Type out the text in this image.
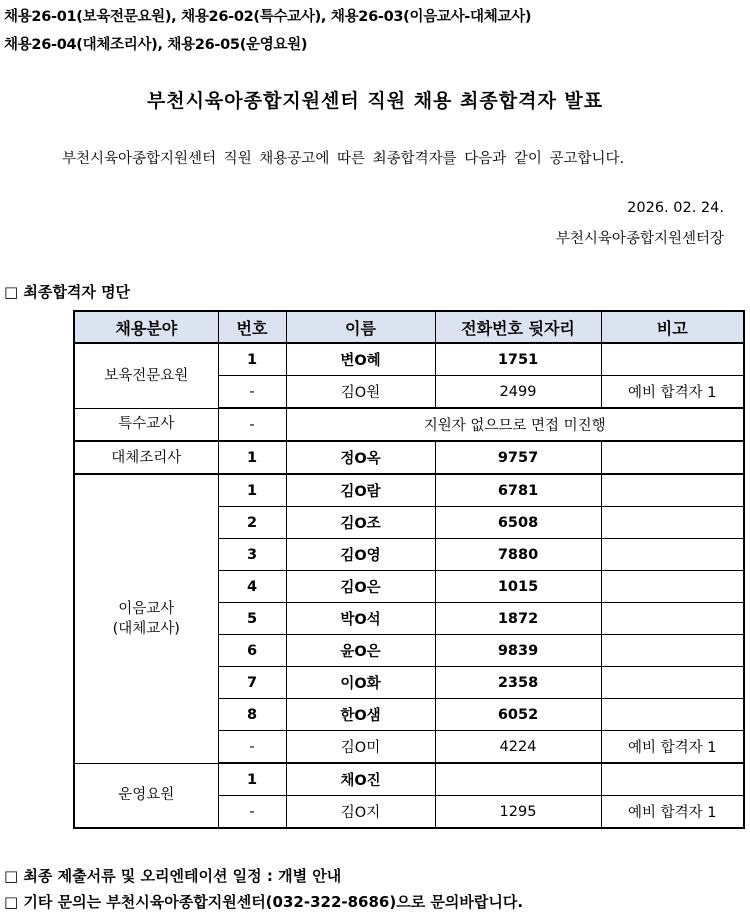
채용26-01(보육전문요원), 채용26-02(특수교사), 채용26-03(이음교사-대체교사)
채용26-04(대체조리사), 채용26-05(운영요원)
부천시육아종합지원센터 직원 채용 최종합격자 발표
부천시육아종합지원센터 직원 채용공고에 따른 최종합격자를 다음과 같이 공고합니다.
2026. 02. 24.
부천시육아종합지원센터장
□ 최종합격자 명단
채용분야	번호	이름	전화번호 뒷자리	비고
보육전문요원	1	변O혜	1751	
	-	김O원	2499	예비 합격자 1
특수교사	-	지원자 없으므로 면접 미진행		
대체조리사	1	정O옥	9757	
이음교사
(대체교사)	1	김O람	6781	
	2	김O조	6508	
	3	김O영	7880	
	4	김O은	1015	
	5	박O석	1872	
	6	윤O은	9839	
	7	이O화	2358	
	8	한O샘	6052	
	-	김O미	4224	예비 합격자 1
운영요원	1	채O진		
	-	김O지	1295	예비 합격자 1
□ 최종 제출서류 및 오리엔테이션 일정 : 개별 안내
□ 기타 문의는 부천시육아종합지원센터(032-322-8686)으로 문의바랍니다.
